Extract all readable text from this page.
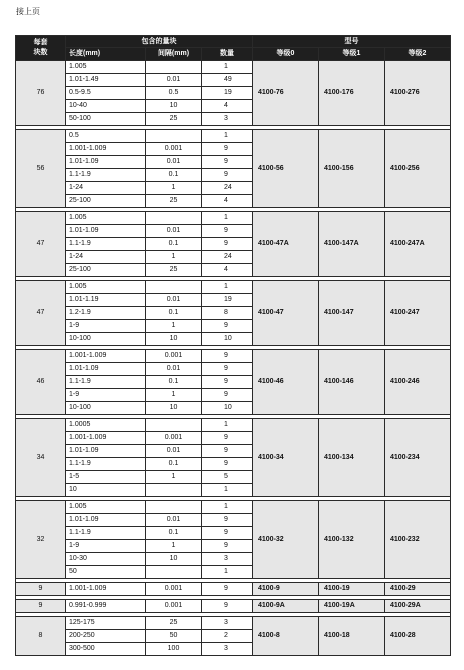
接上页
每套
块数	包含的量块			型号		
	长度(mm)	间隔(mm)	数量	等级0	等级1	等级2
76	1.005		1	4100-76	4100-176	4100-276
	1.01-1.49	0.01	49			
	0.5-9.5	0.5	19			
	10-40	10	4			
	50-100	25	3			

56	0.5		1	4100-56	4100-156	4100-256
	1.001-1.009	0.001	9			
	1.01-1.09	0.01	9			
	1.1-1.9	0.1	9			
	1-24	1	24			
	25-100	25	4			

47	1.005		1	4100-47A	4100-147A	4100-247A
	1.01-1.09	0.01	9			
	1.1-1.9	0.1	9			
	1-24	1	24			
	25-100	25	4			

47	1.005		1	4100-47	4100-147	4100-247
	1.01-1.19	0.01	19			
	1.2-1.9	0.1	8			
	1-9	1	9			
	10-100	10	10			

46	1.001-1.009	0.001	9	4100-46	4100-146	4100-246
	1.01-1.09	0.01	9			
	1.1-1.9	0.1	9			
	1-9	1	9			
	10-100	10	10			

34	1.0005		1	4100-34	4100-134	4100-234
	1.001-1.009	0.001	9			
	1.01-1.09	0.01	9			
	1.1-1.9	0.1	9			
	1-5	1	5			
	10		1			

32	1.005		1	4100-32	4100-132	4100-232
	1.01-1.09	0.01	9			
	1.1-1.9	0.1	9			
	1-9	1	9			
	10-30	10	3			
	50		1			

9	1.001-1.009	0.001	9	4100-9	4100-19	4100-29

9	0.991-0.999	0.001	9	4100-9A	4100-19A	4100-29A

8	125-175	25	3	4100-8	4100-18	4100-28
	200-250	50	2			
	300-500	100	3			
